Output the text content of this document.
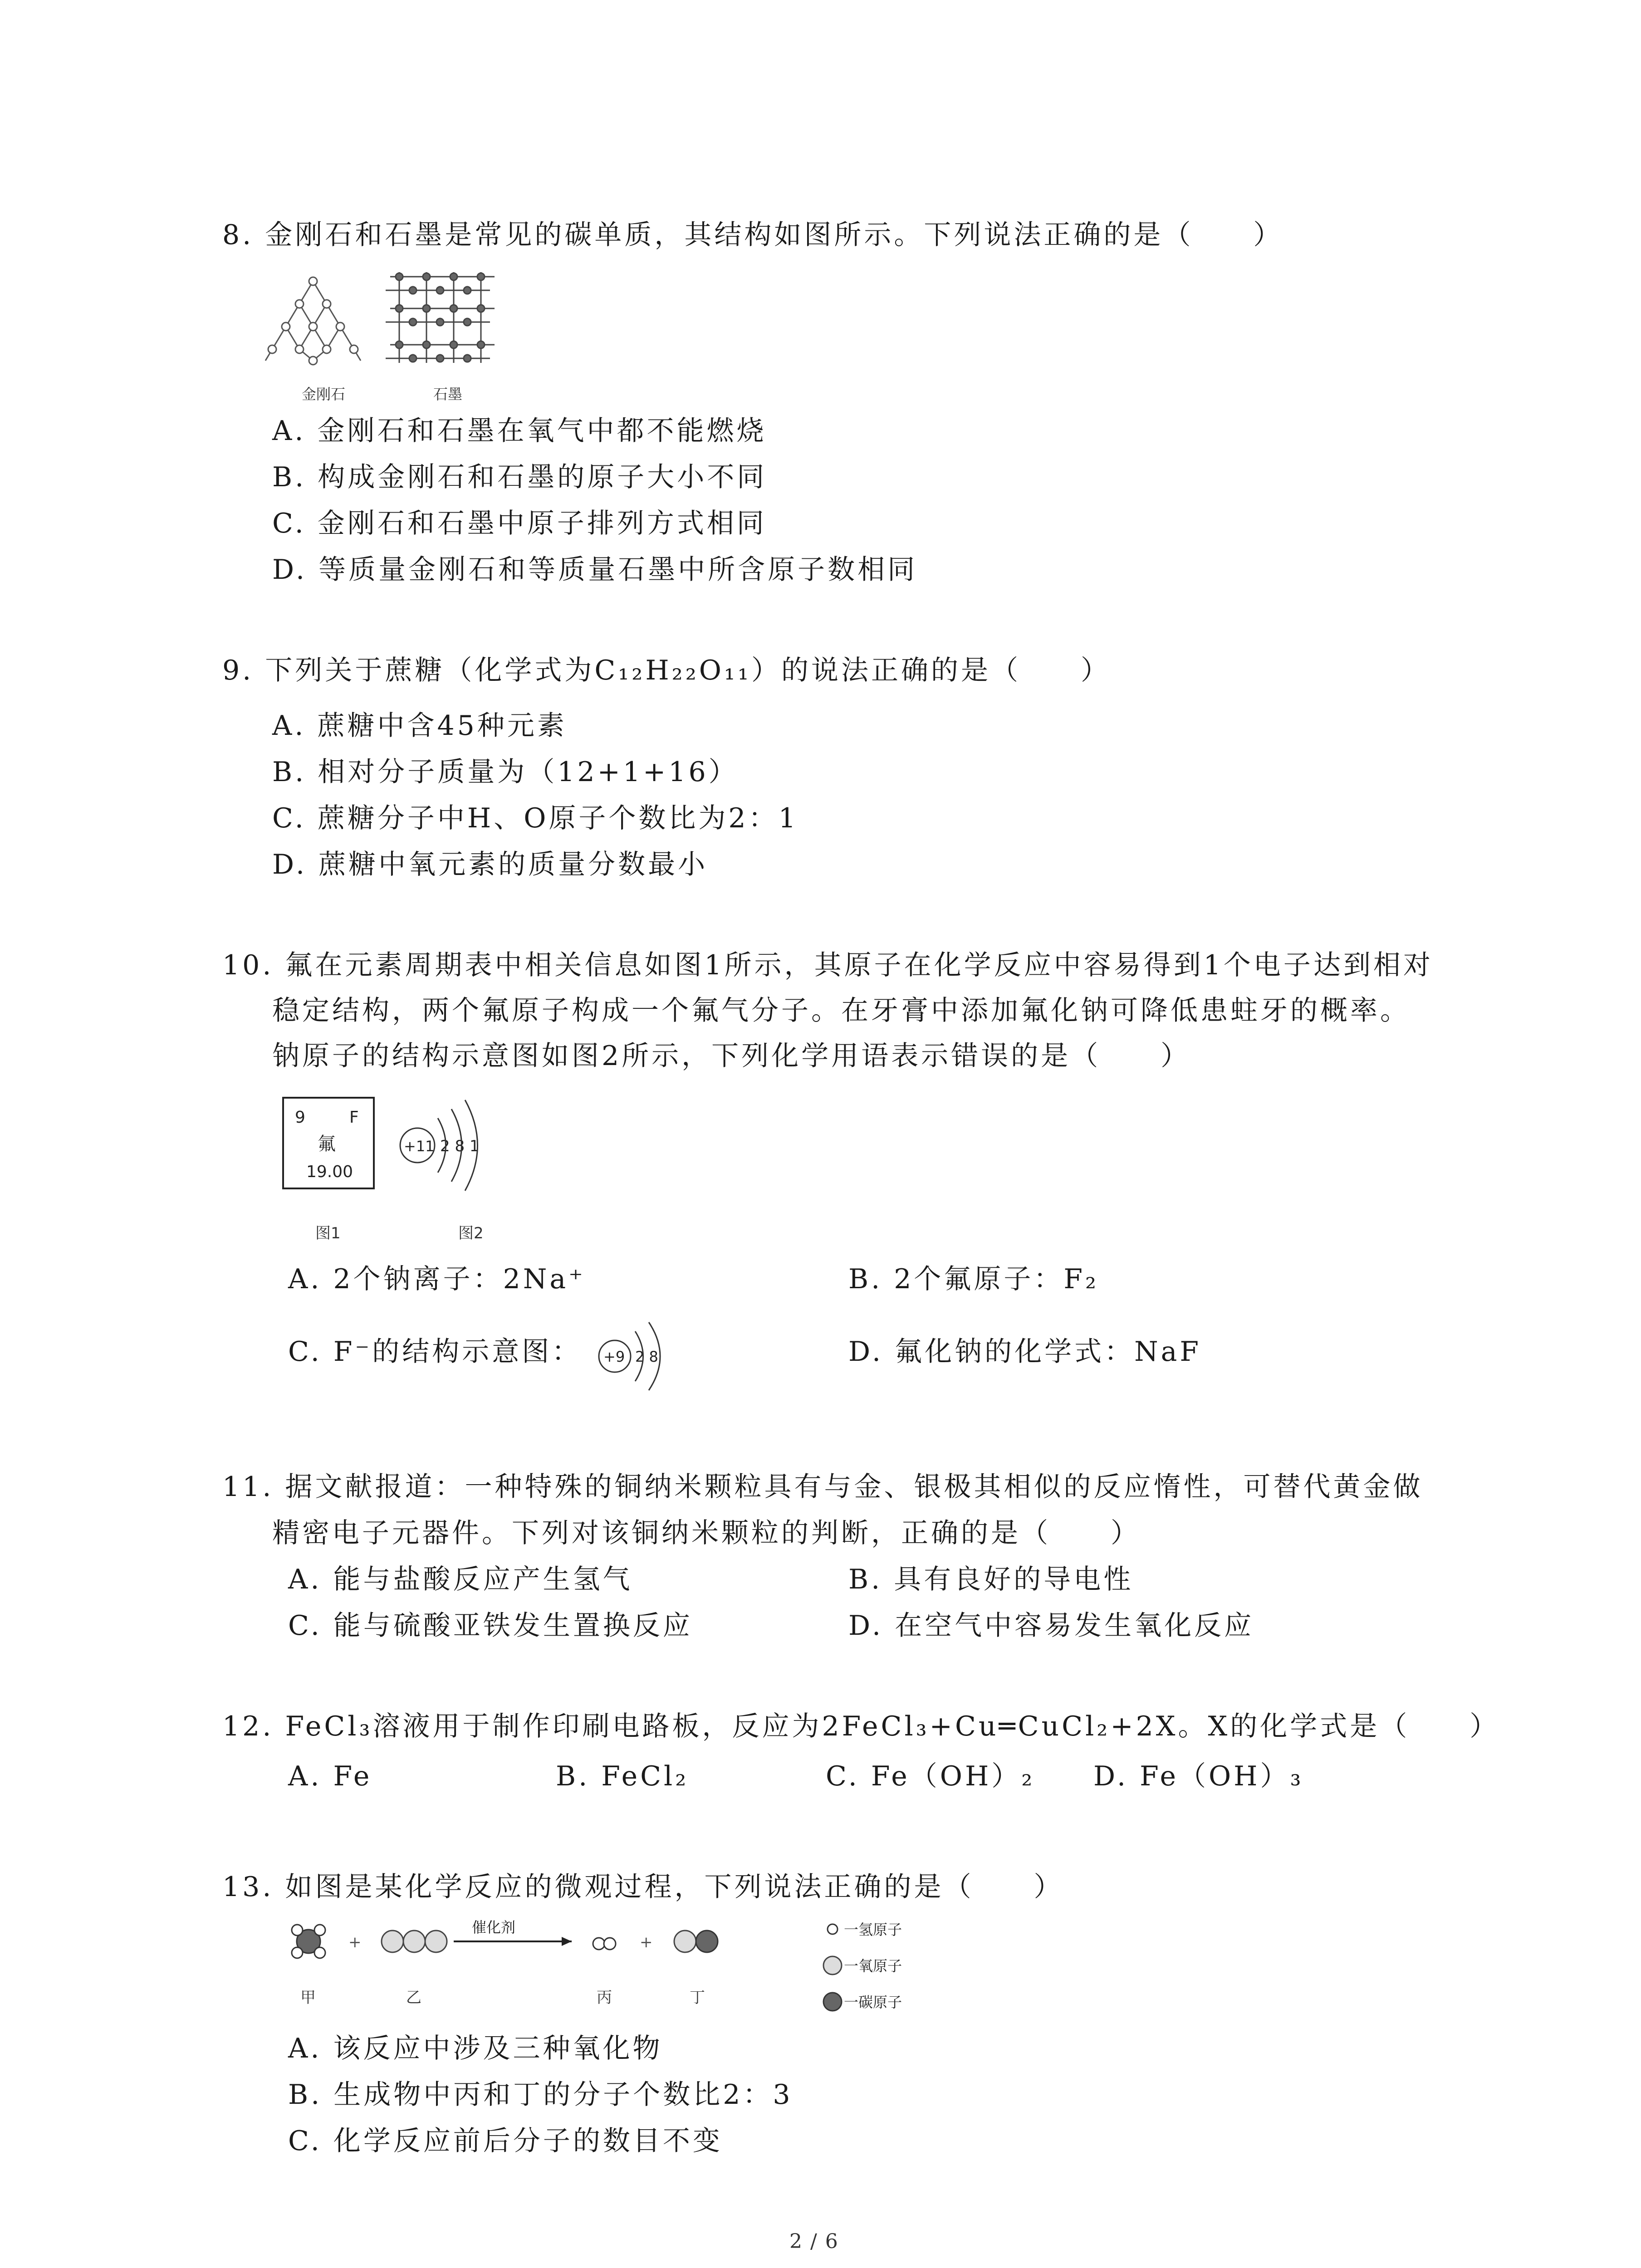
8. 金刚石和石墨是常见的碳单质，其结构如图所示。下列说法正确的是（　　）
金刚石	石墨
A. 金刚石和石墨在氧气中都不能燃烧
B. 构成金刚石和石墨的原子大小不同
C. 金刚石和石墨中原子排列方式相同
D. 等质量金刚石和等质量石墨中所含原子数相同
9. 下列关于蔗糖（化学式为C₁₂H₂₂O₁₁）的说法正确的是（　　）
A. 蔗糖中含45种元素
B. 相对分子质量为（12+1+16）
C. 蔗糖分子中H、O原子个数比为2：1
D. 蔗糖中氧元素的质量分数最小
10. 氟在元素周期表中相关信息如图1所示，其原子在化学反应中容易得到1个电子达到相对
稳定结构，两个氟原子构成一个氟气分子。在牙膏中添加氟化钠可降低患蛀牙的概率。
钠原子的结构示意图如图2所示，下列化学用语表示错误的是（　　）
9	F
氟
19.00
+11 2 8 1
图1	图2
A. 2个钠离子：2Na⁺	B. 2个氟原子：F₂
C. F⁻的结构示意图： +9 2 8	D. 氟化钠的化学式：NaF
11. 据文献报道：一种特殊的铜纳米颗粒具有与金、银极其相似的反应惰性，可替代黄金做
精密电子元器件。下列对该铜纳米颗粒的判断，正确的是（　　）
A. 能与盐酸反应产生氢气	B. 具有良好的导电性
C. 能与硫酸亚铁发生置换反应	D. 在空气中容易发生氧化反应
12. FeCl₃溶液用于制作印刷电路板，反应为2FeCl₃+Cu═CuCl₂+2X。X的化学式是（　　）
A. Fe	B. FeCl₂	C. Fe（OH）₂ D. Fe（OH）₃
13. 如图是某化学反应的微观过程，下列说法正确的是（　　）
+
催化剂
+
甲	乙	丙	丁
一氢原子
一氧原子
一碳原子
A. 该反应中涉及三种氧化物
B. 生成物中丙和丁的分子个数比2：3
C. 化学反应前后分子的数目不变
2 / 6
